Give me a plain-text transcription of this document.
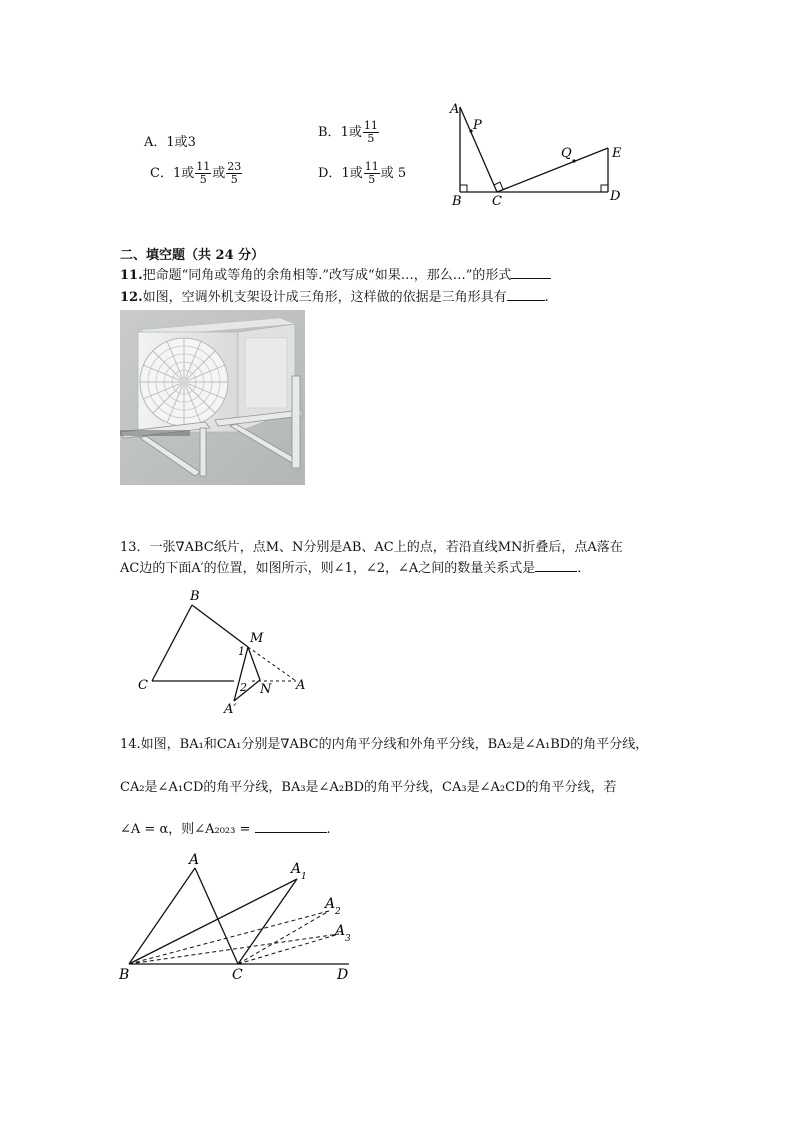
A．1或3
B．1或 $\frac{11}{5}$
C．1或 $\frac{11}{5}$ 或 $\frac{23}{5}$	D．1或 $\frac{11}{5}$ 或 5
A
P
Q	E
B C	D
二、填空题（共 24 分）
11.把命题“同角或等角的余角相等.”改写成“如果…，那么…”的形式
12.如图，空调外机支架设计成三角形，这样做的依据是三角形具有	.
13．一张∇ABC纸片，点M、N分别是AB、AC上的点，若沿直线MN折叠后，点A落在
AC边的下面A′的位置，如图所示，则∠1，∠2，∠A之间的数量关系式是	．
B
M
1
C	2 N A
A′
14.如图，BA₁和CA₁分别是∇ABC的内角平分线和外角平分线，BA₂是∠A₁BD的角平分线，
CA₂是∠A₁CD的角平分线，BA₃是∠A₂BD的角平分线，CA₃是∠A₂CD的角平分线，若
∠A = α，则∠A₂₀₂₃ =	.
A
A 1
A 2
A 3
B	C	D
